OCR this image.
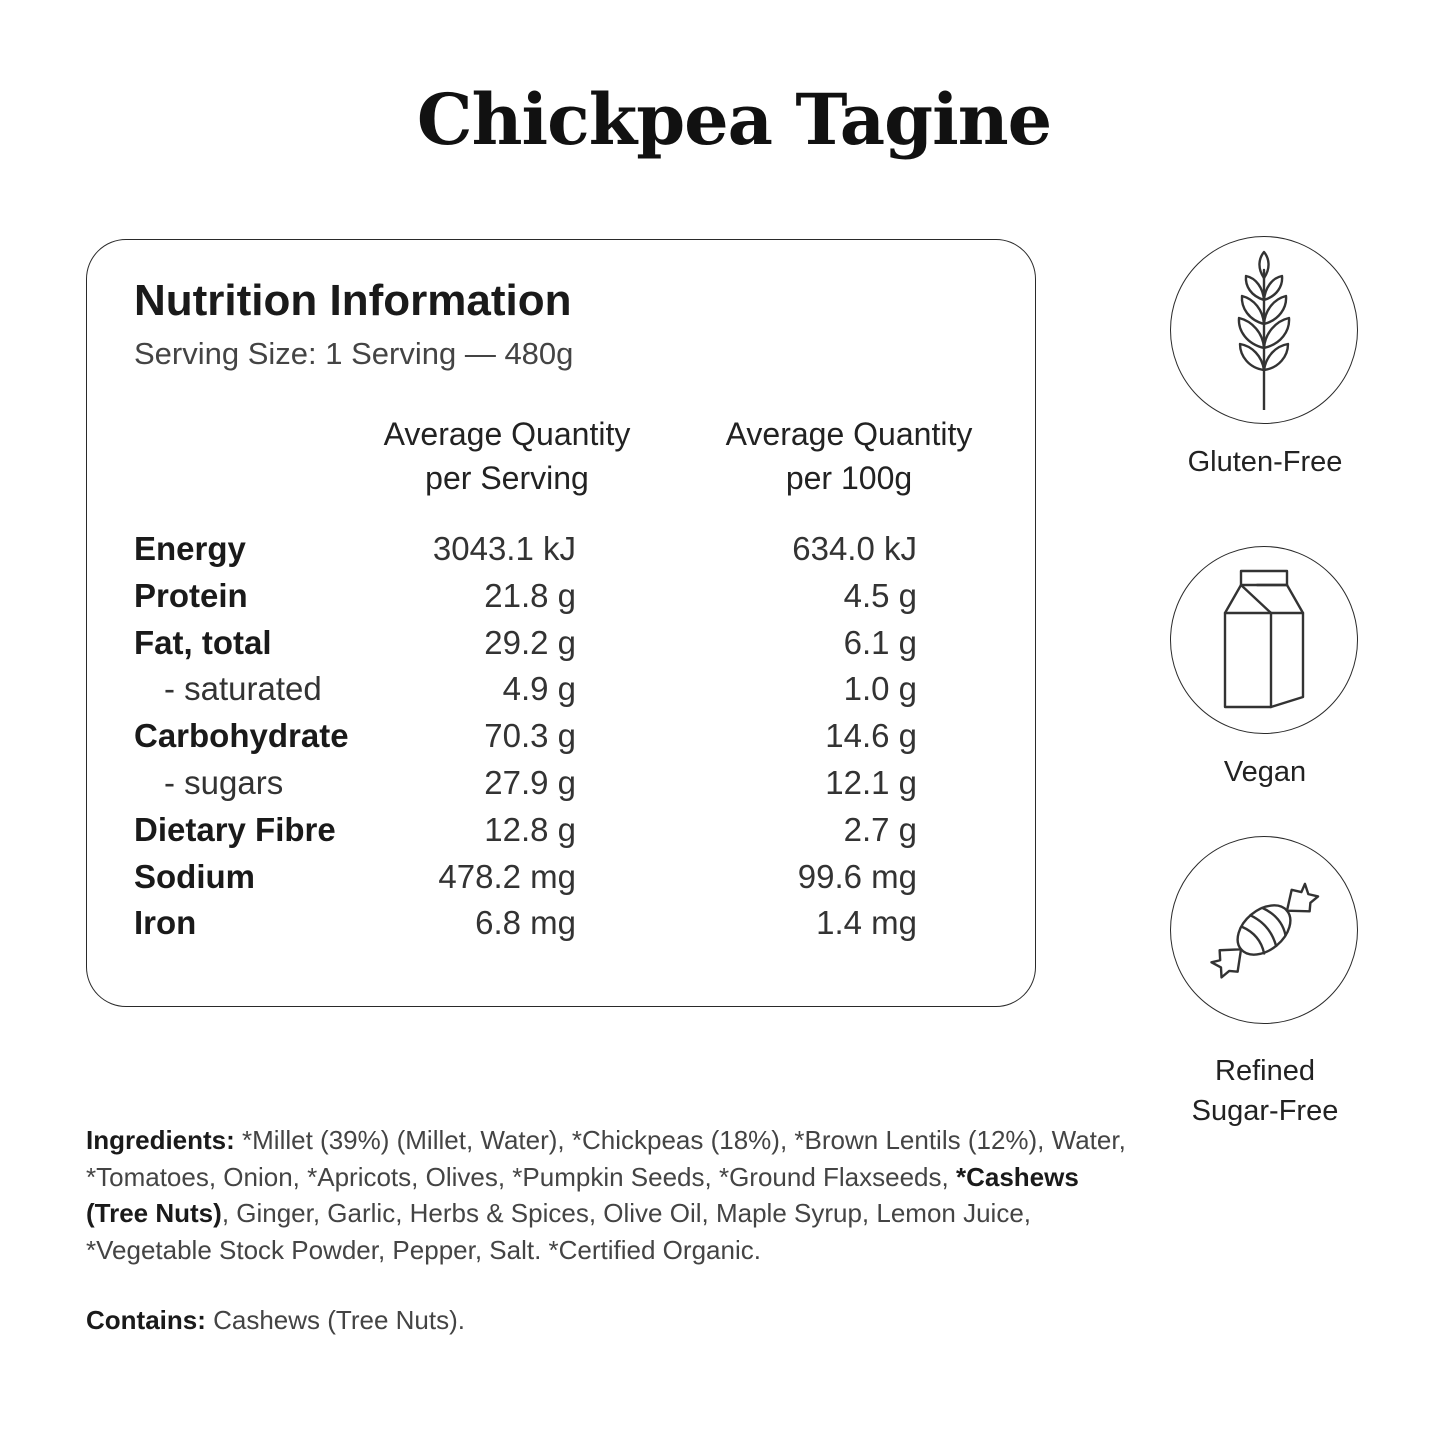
Chickpea Tagine
Nutrition Information
Serving Size: 1 Serving — 480g
Average Quantity
per Serving
Average Quantity
per 100g
Energy	3043.1 kJ	634.0 kJ
Protein	21.8 g	4.5 g
Fat, total	29.2 g	6.1 g
- saturated	4.9 g	1.0 g
Carbohydrate	70.3 g	14.6 g
- sugars	27.9 g	12.1 g
Dietary Fibre	12.8 g	2.7 g
Sodium	478.2 mg	99.6 mg
Iron	6.8 mg	1.4 mg
Gluten-Free
Vegan
Refined
Sugar-Free
Ingredients: *Millet (39%) (Millet, Water), *Chickpeas (18%), *Brown Lentils (12%), Water, *Tomatoes, Onion, *Apricots, Olives, *Pumpkin Seeds, *Ground Flaxseeds, *Cashews (Tree Nuts), Ginger, Garlic, Herbs & Spices, Olive Oil, Maple Syrup, Lemon Juice, *Vegetable Stock Powder, Pepper, Salt. *Certified Organic.
Contains: Cashews (Tree Nuts).
